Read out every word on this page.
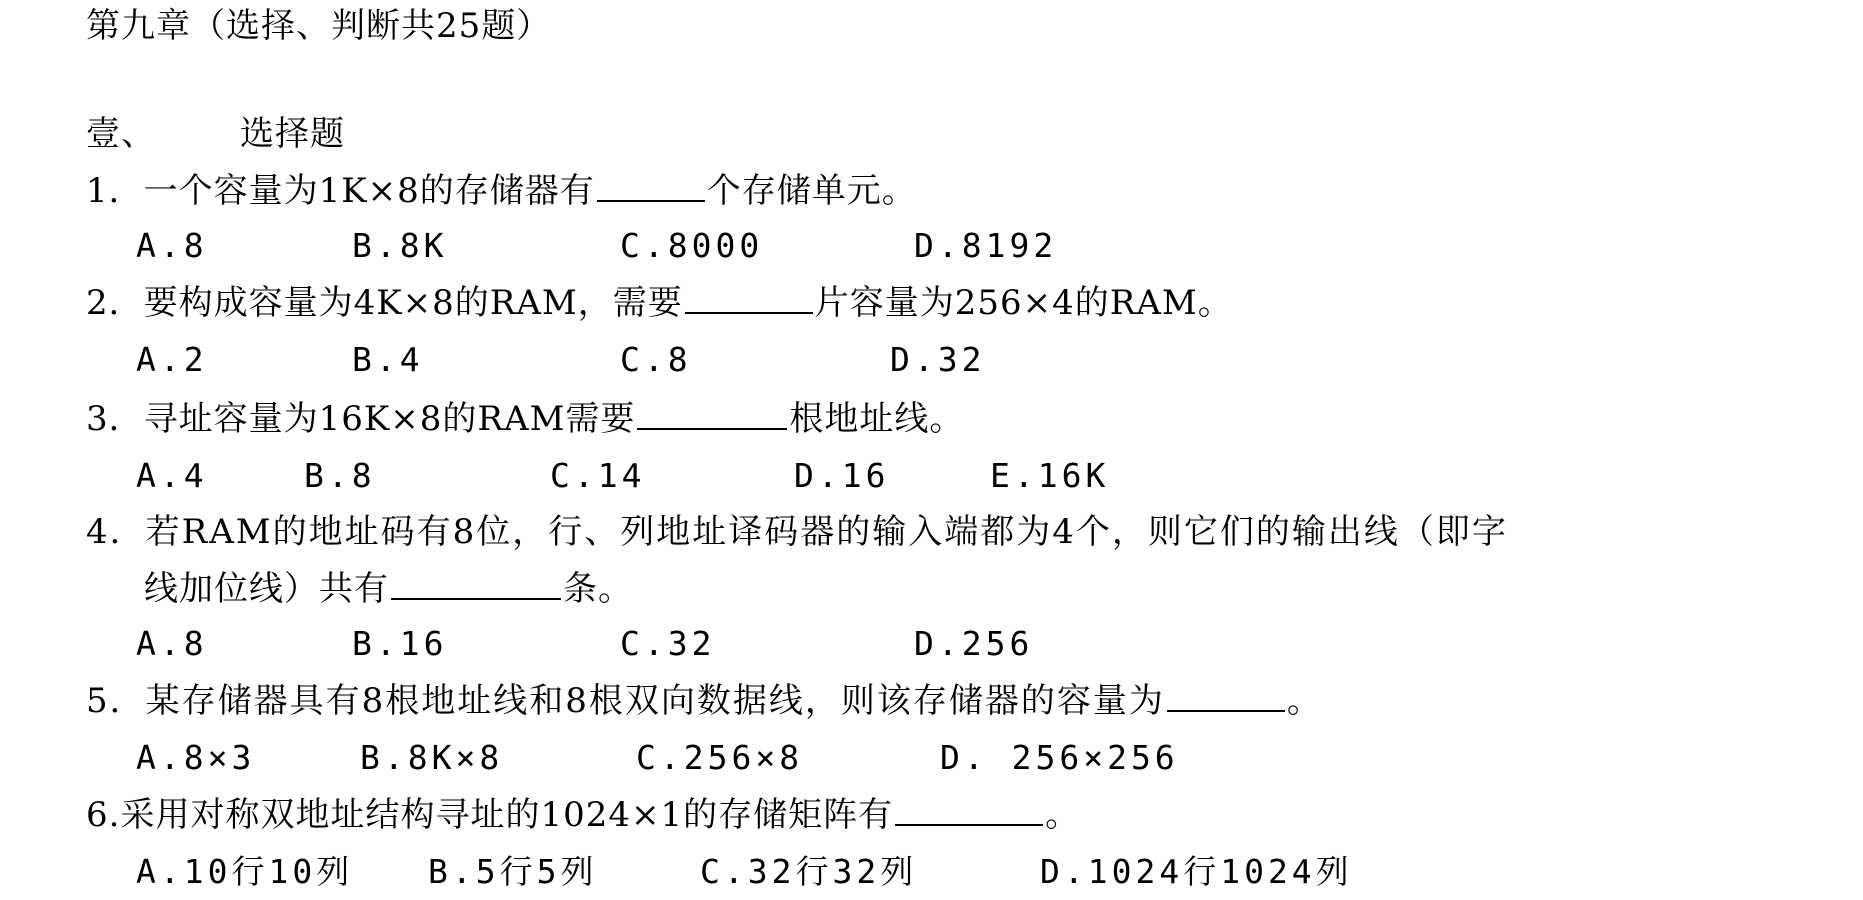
第九章（选择、判断共25题）
壹、 选择题
1．一个容量为1K×8的存储器有	个存储单元。
A.8	B.8K	C.8000	D.8192
2．要构成容量为4K×8的RAM，需要	片容量为256×4的RAM。
A.2	B.4	C.8	D.32
3．寻址容量为16K×8的RAM需要	根地址线。
A.4	B.8	C.14	D.16	E.16K
4．若RAM的地址码有8位，行、列地址译码器的输入端都为4个，则它们的输出线（即字
线加位线）共有	条。
A.8	B.16	C.32	D.256
5．某存储器具有8根地址线和8根双向数据线，则该存储器的容量为	。
A.8×3	B.8K×8	C.256×8	D. 256×256
6.采用对称双地址结构寻址的1024×1的存储矩阵有	。
A.10行10列 B.5行5列	C.32行32列	D.1024行1024列
